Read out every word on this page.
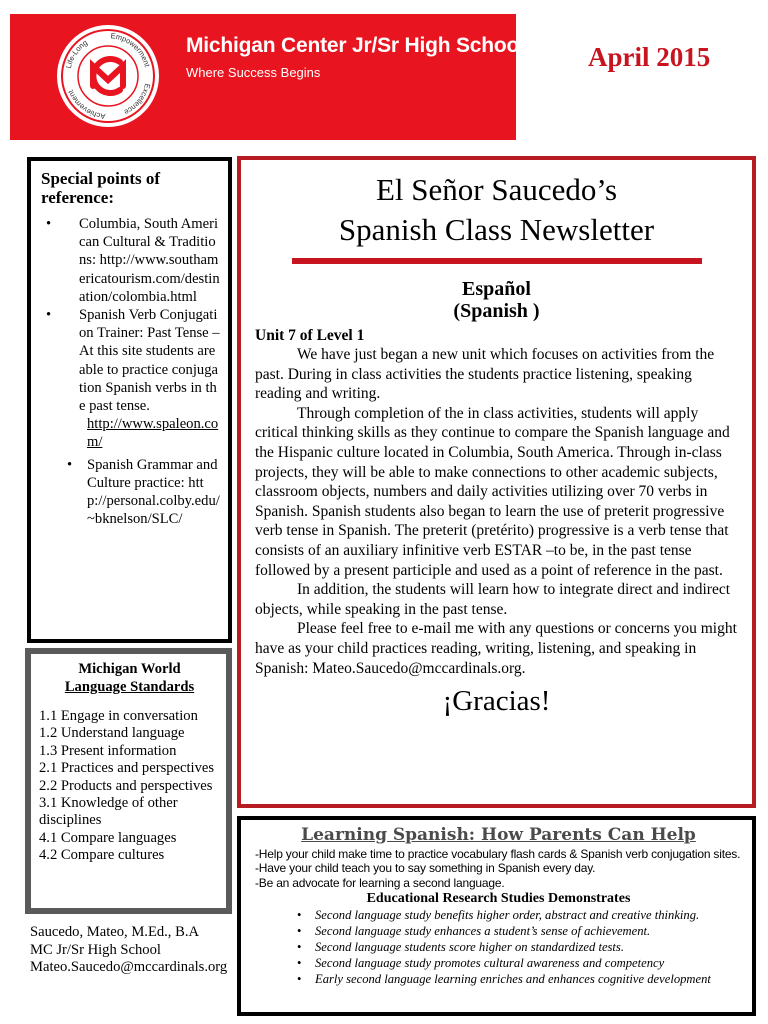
Life-Long
Empowerment
Excellence
Achievement
Michigan Center Jr/Sr High School
Where Success Begins
April 2015
Special points of reference:
• Columbia, South American Cultural & Traditions: http://www.southamericatourism.com/destination/colombia.html
• Spanish Verb Conjugation Trainer: Past Tense – At this site students are able to practice conjugation Spanish verbs in the past tense.
http://www.spaleon.com/
• Spanish Grammar and Culture practice: http://personal.colby.edu/~bknelson/SLC/
Michigan World
Language Standards
1.1 Engage in conversation
1.2 Understand language
1.3 Present information
2.1 Practices and perspectives
2.2 Products and perspectives
3.1 Knowledge of other disciplines
4.1 Compare languages
4.2 Compare cultures
Saucedo, Mateo, M.Ed., B.A
MC Jr/Sr High School
Mateo.Saucedo@mccardinals.org
El Señor Saucedo’s
Spanish Class Newsletter
Español
(Spanish )
Unit 7 of Level 1

We have just began a new unit which focuses on activities from the past. During in class activities the students practice listening, speaking reading and writing.

Through completion of the in class activities, students will apply critical thinking skills as they continue to compare the Spanish language and the Hispanic culture located in Columbia, South America. Through in-class projects, they will be able to make connections to other academic subjects, classroom objects, numbers and daily activities utilizing over 70 verbs in Spanish. Spanish students also began to learn the use of preterit progressive verb tense in Spanish. The preterit (pretérito) progressive is a verb tense that consists of an auxiliary infinitive verb ESTAR –to be, in the past tense followed by a present participle and used as a point of reference in the past.

In addition, the students will learn how to integrate direct and indirect objects, while speaking in the past tense.

Please feel free to e-mail me with any questions or concerns you might have as your child practices reading, writing, listening, and speaking in Spanish: Mateo.Saucedo@mccardinals.org.

¡Gracias!
Learning Spanish: How Parents Can Help
-Help your child make time to practice vocabulary flash cards & Spanish verb conjugation sites.
-Have your child teach you to say something in Spanish every day.
-Be an advocate for learning a second language.
Educational Research Studies Demonstrates
• Second language study benefits higher order, abstract and creative thinking.
• Second language study enhances a student’s sense of achievement.
• Second language students score higher on standardized tests.
• Second language study promotes cultural awareness and competency
• Early second language learning enriches and enhances cognitive development
